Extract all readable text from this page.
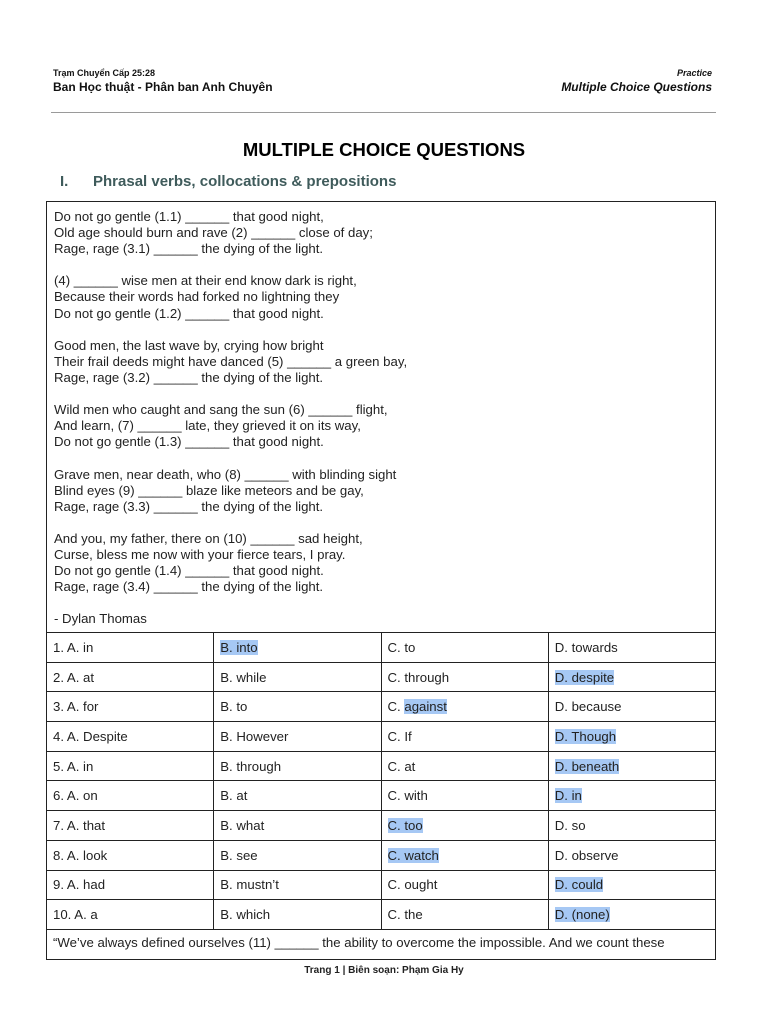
Trạm Chuyển Cấp 25:28
Ban Học thuật - Phân ban Anh Chuyên
Practice
Multiple Choice Questions
MULTIPLE CHOICE QUESTIONS
I. Phrasal verbs, collocations & prepositions
Do not go gentle (1.1) ______ that good night,
Old age should burn and rave (2) ______ close of day;
Rage, rage (3.1) ______ the dying of the light.
(4) ______ wise men at their end know dark is right,
Because their words had forked no lightning they
Do not go gentle (1.2) ______ that good night.
Good men, the last wave by, crying how bright
Their frail deeds might have danced (5) ______ a green bay,
Rage, rage (3.2) ______ the dying of the light.
Wild men who caught and sang the sun (6) ______ flight,
And learn, (7) ______ late, they grieved it on its way,
Do not go gentle (1.3) ______ that good night.
Grave men, near death, who (8) ______ with blinding sight
Blind eyes (9) ______ blaze like meteors and be gay,
Rage, rage (3.3) ______ the dying of the light.
And you, my father, there on (10) ______ sad height,
Curse, bless me now with your fierce tears, I pray.
Do not go gentle (1.4) ______ that good night.
Rage, rage (3.4) ______ the dying of the light.
- Dylan Thomas
1. A. in	B. into	C. to	D. towards
2. A. at	B. while	C. through	D. despite
3. A. for	B. to	C. against	D. because
4. A. Despite	B. However	C. If	D. Though
5. A. in	B. through	C. at	D. beneath
6. A. on	B. at	C. with	D. in
7. A. that	B. what	C. too	D. so
8. A. look	B. see	C. watch	D. observe
9. A. had	B. mustn’t	C. ought	D. could
10. A. a	B. which	C. the	D. (none)
“We’ve always defined ourselves (11) ______ the ability to overcome the impossible. And we count these
Trang 1 | Biên soạn: Phạm Gia Hy
